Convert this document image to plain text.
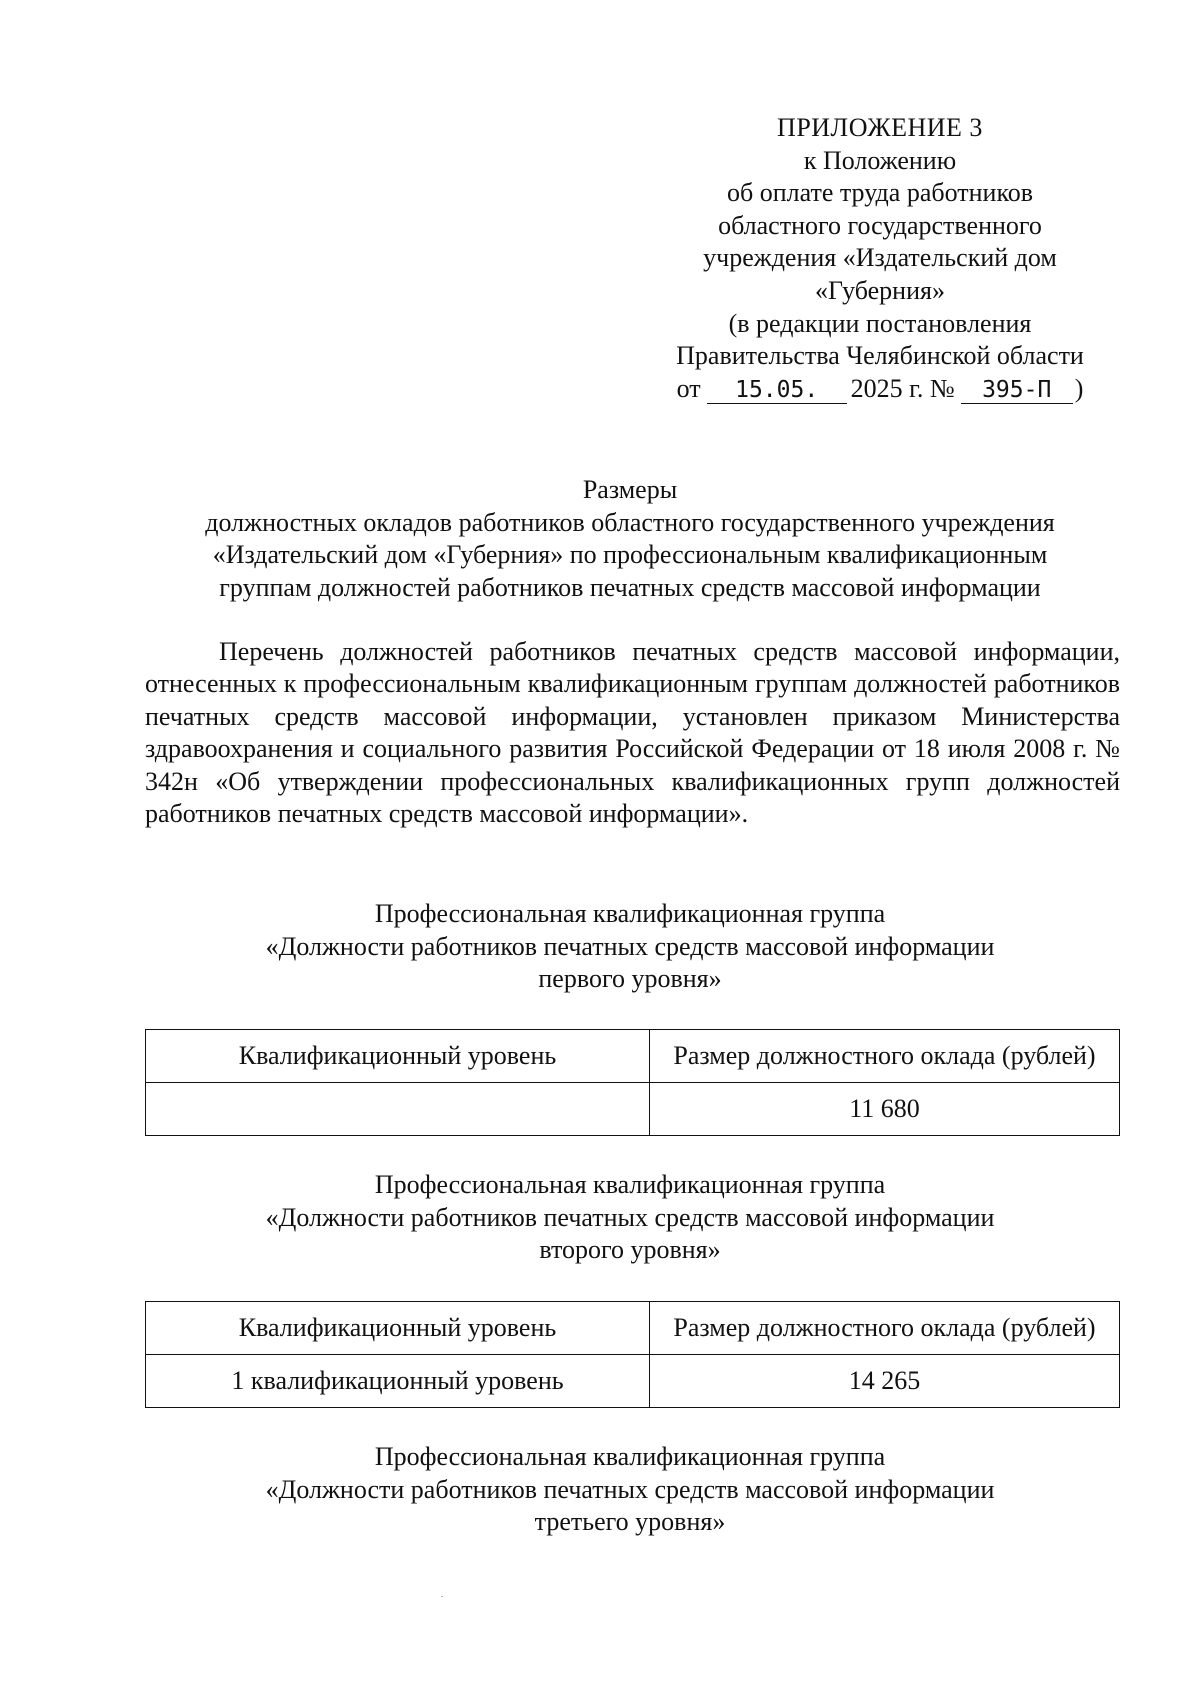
ПРИЛОЖЕНИЕ 3
к Положению
об оплате труда работников
областного государственного
учреждения «Издательский дом
«Губерния»
(в редакции постановления
Правительства Челябинской области
от 15.05. 2025 г. № 395-П )
Размеры
должностных окладов работников областного государственного учреждения
«Издательский дом «Губерния» по профессиональным квалификационным
группам должностей работников печатных средств массовой информации
Перечень должностей работников печатных средств массовой информации, отнесенных к профессиональным квалификационным группам должностей работников печатных средств массовой информации, установлен приказом Министерства здравоохранения и социального развития Российской Федерации от 18 июля 2008 г. № 342н «Об утверждении профессиональных квалификационных групп должностей работников печатных средств массовой информации».
Профессиональная квалификационная группа
«Должности работников печатных средств массовой информации
первого уровня»
Квалификационный уровень	Размер должностного оклада (рублей)
	11 680
Профессиональная квалификационная группа
«Должности работников печатных средств массовой информации
второго уровня»
Квалификационный уровень	Размер должностного оклада (рублей)
1 квалификационный уровень	14 265
Профессиональная квалификационная группа
«Должности работников печатных средств массовой информации
третьего уровня»
